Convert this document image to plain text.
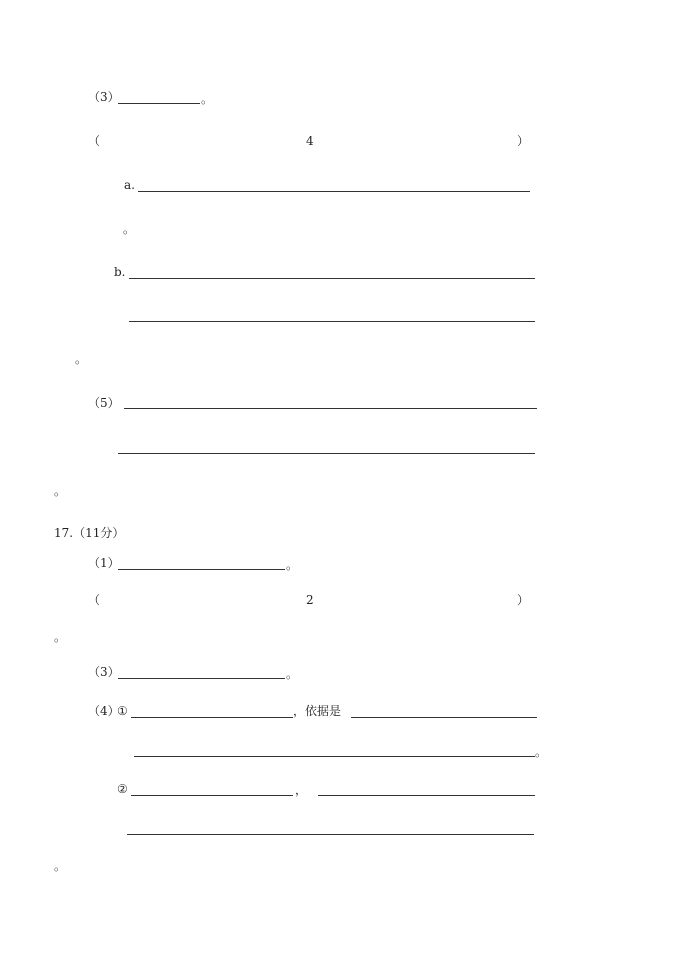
（3）	。
（	4	）
a.
。
b.
。
（5）
。
17.（11分）
（1）	。
（	2	）
。
（3）	。
（4）
①	，依据是
。
②	，
。
